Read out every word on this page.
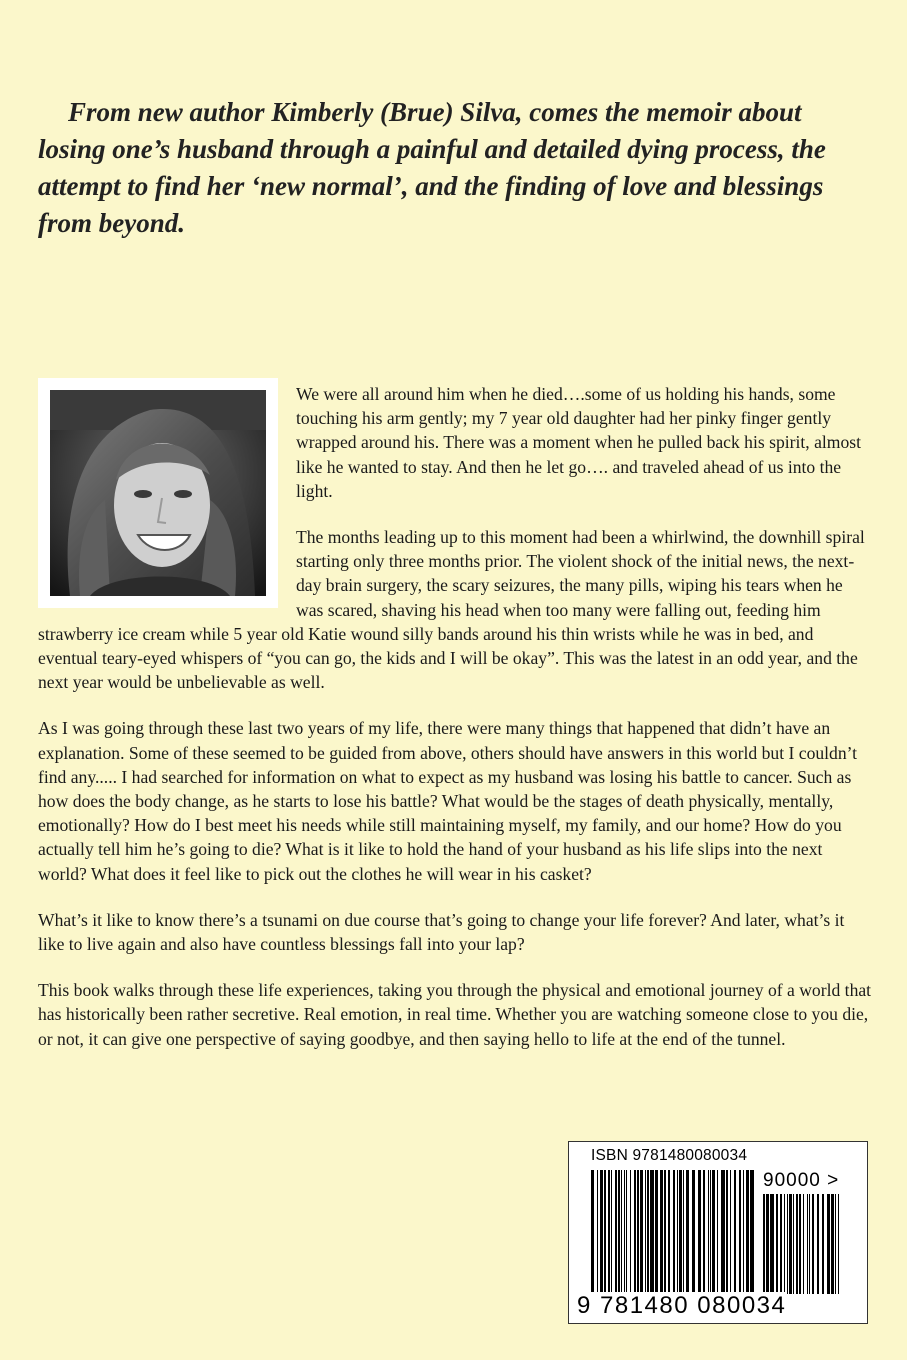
From new author Kimberly (Brue) Silva, comes the memoir about losing one’s husband through a painful and detailed dying process, the attempt to find her ‘new normal’, and the finding of love and blessings from beyond.

We were all around him when he died….some of us holding his hands, some touching his arm gently; my 7 year old daughter had her pinky finger gently wrapped around his. There was a moment when he pulled back his spirit, almost like he wanted to stay. And then he let go…. and traveled ahead of us into the light.

The months leading up to this moment had been a whirlwind, the downhill spiral starting only three months prior. The violent shock of the initial news, the next-day brain surgery, the scary seizures, the many pills, wiping his tears when he was scared, shaving his head when too many were falling out, feeding him strawberry ice cream while 5 year old Katie wound silly bands around his thin wrists while he was in bed, and eventual teary-eyed whispers of “you can go, the kids and I will be okay”. This was the latest in an odd year, and the next year would be unbelievable as well.

As I was going through these last two years of my life, there were many things that happened that didn’t have an explanation. Some of these seemed to be guided from above, others should have answers in this world but I couldn’t find any..... I had searched for information on what to expect as my husband was losing his battle to cancer. Such as how does the body change, as he starts to lose his battle? What would be the stages of death physically, mentally, emotionally? How do I best meet his needs while still maintaining myself, my family, and our home? How do you actually tell him he’s going to die? What is it like to hold the hand of your husband as his life slips into the next world? What does it feel like to pick out the clothes he will wear in his casket?

What’s it like to know there’s a tsunami on due course that’s going to change your life forever? And later, what’s it like to live again and also have countless blessings fall into your lap?

This book walks through these life experiences, taking you through the physical and emotional journey of a world that has historically been rather secretive. Real emotion, in real time. Whether you are watching someone close to you die, or not, it can give one perspective of saying goodbye, and then saying hello to life at the end of the tunnel.

ISBN 9781480080034
90000 >
9 781480 080034
